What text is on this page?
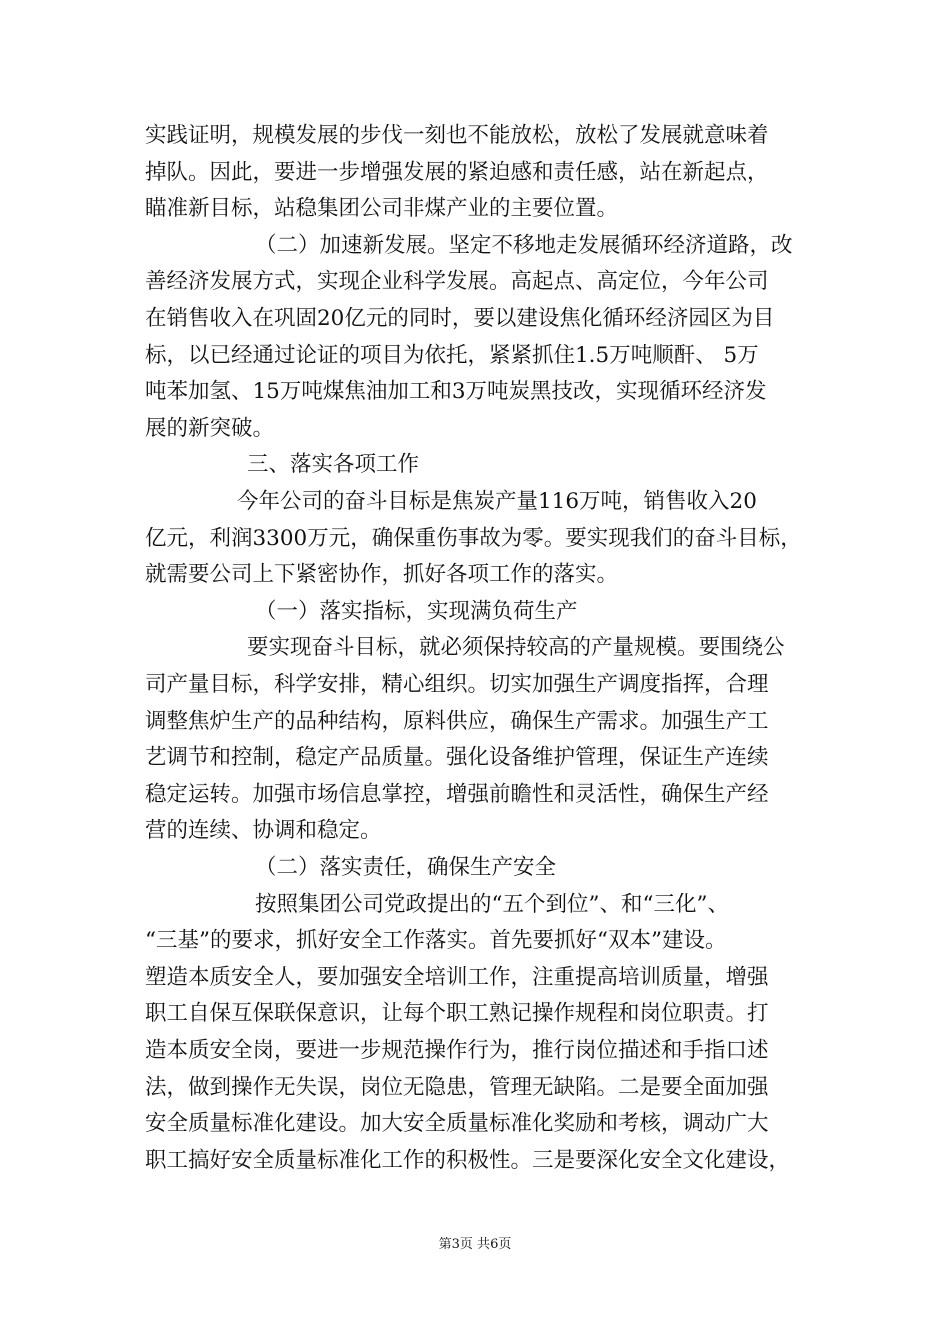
实践证明，规模发展的步伐一刻也不能放松，放松了发展就意味着
掉队。因此，要进一步增强发展的紧迫感和责任感，站在新起点，
瞄准新目标，站稳集团公司非煤产业的主要位置。
（二）加速新发展。坚定不移地走发展循环经济道路，改
善经济发展方式，实现企业科学发展。高起点、高定位，今年公司
在销售收入在巩固20亿元的同时，要以建设焦化循环经济园区为目
标，以已经通过论证的项目为依托，紧紧抓住1.5万吨顺酐、 5万
吨苯加氢、15万吨煤焦油加工和3万吨炭黑技改，实现循环经济发
展的新突破。
三、落实各项工作
今年公司的奋斗目标是焦炭产量116万吨，销售收入20
亿元，利润3300万元，确保重伤事故为零。要实现我们的奋斗目标，
就需要公司上下紧密协作，抓好各项工作的落实。
（一）落实指标，实现满负荷生产
要实现奋斗目标，就必须保持较高的产量规模。要围绕公
司产量目标，科学安排，精心组织。切实加强生产调度指挥，合理
调整焦炉生产的品种结构，原料供应，确保生产需求。加强生产工
艺调节和控制，稳定产品质量。强化设备维护管理，保证生产连续
稳定运转。加强市场信息掌控，增强前瞻性和灵活性，确保生产经
营的连续、协调和稳定。
（二）落实责任，确保生产安全
按照集团公司党政提出的“五个到位”、和“三化”、
“三基”的要求，抓好安全工作落实。首先要抓好“双本”建设。
塑造本质安全人，要加强安全培训工作，注重提高培训质量，增强
职工自保互保联保意识，让每个职工熟记操作规程和岗位职责。打
造本质安全岗，要进一步规范操作行为，推行岗位描述和手指口述
法，做到操作无失误，岗位无隐患，管理无缺陷。二是要全面加强
安全质量标准化建设。加大安全质量标准化奖励和考核，调动广大
职工搞好安全质量标准化工作的积极性。三是要深化安全文化建设，
第3页 共6页
